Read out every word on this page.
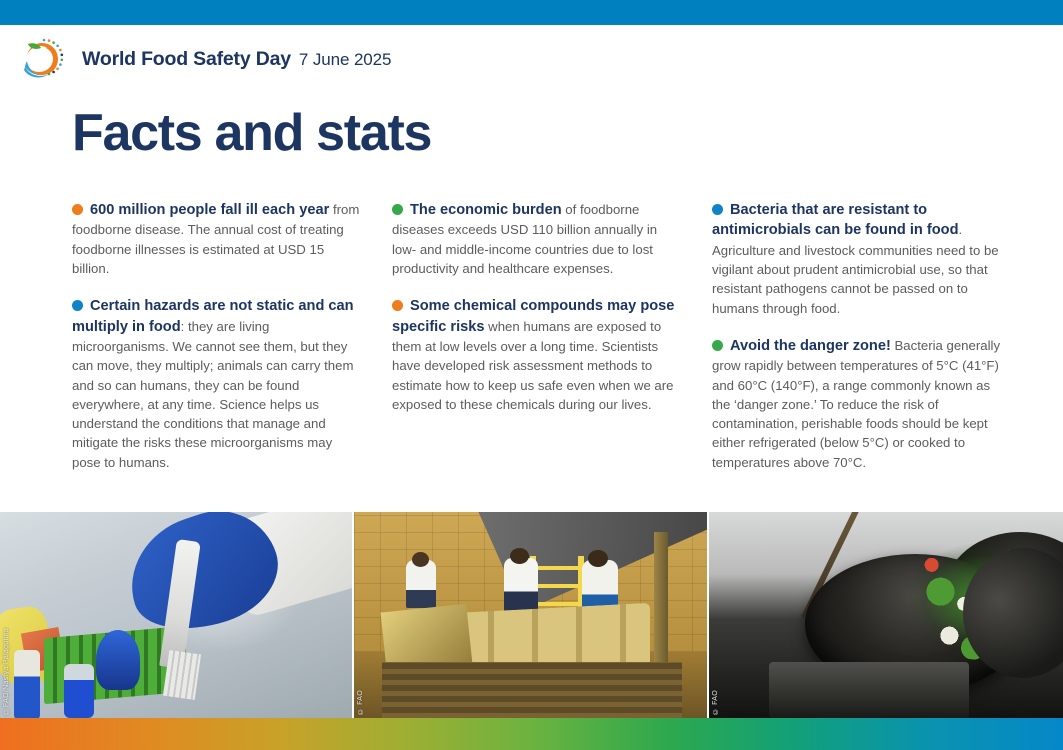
World Food Safety Day 7 June 2025
Facts and stats

600 million people fall ill each year from foodborne disease. The annual cost of treating foodborne illnesses is estimated at USD 15 billion.

Certain hazards are not static and can multiply in food: they are living microorganisms. We cannot see them, but they can move, they multiply; animals can carry them and so can humans, they can be found everywhere, at any time. Science helps us understand the conditions that manage and mitigate the risks these microorganisms may pose to humans.

The economic burden of foodborne diseases exceeds USD 110 billion annually in low- and middle-income countries due to lost productivity and healthcare expenses.

Some chemical compounds may pose specific risks when humans are exposed to them at low levels over a long time. Scientists have developed risk assessment methods to estimate how to keep us safe even when we are exposed to these chemicals during our lives.

Bacteria that are resistant to antimicrobials can be found in food. Agriculture and livestock communities need to be vigilant about prudent antimicrobial use, so that resistant pathogens cannot be passed on to humans through food.

Avoid the danger zone! Bacteria generally grow rapidly between temperatures of 5°C (41°F) and 60°C (140°F), a range commonly known as the ‘danger zone.’ To reduce the risk of contamination, perishable foods should be kept either refrigerated (below 5°C) or cooked to temperatures above 70°C.

©FAO/Nastya Palagutina	© FAO	© FAO
